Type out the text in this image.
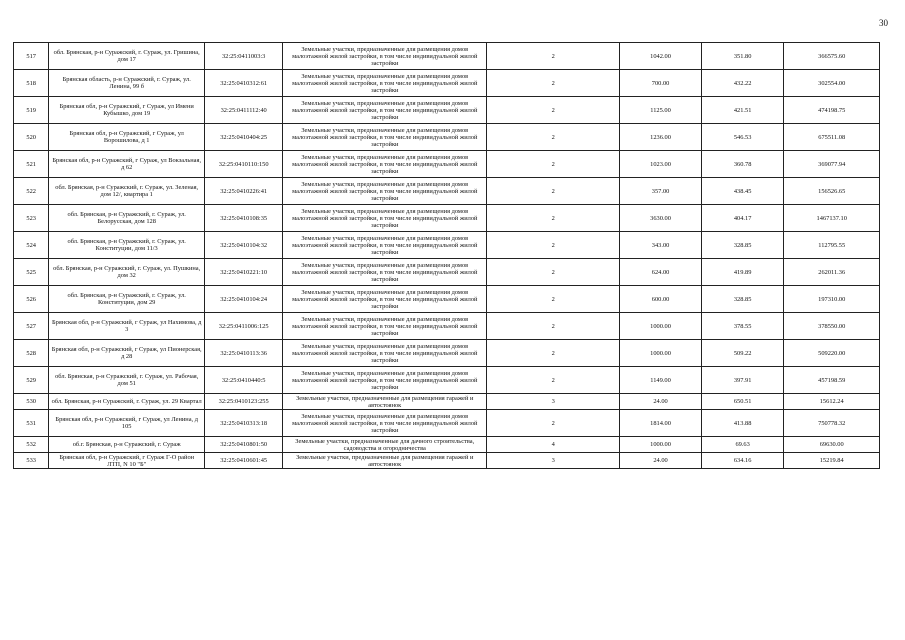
30
517	обл. Брянская, р-н Суражский, г. Сураж, ул. Гришина, дом 17	32:25:0411003:3	Земельные участки, предназначенные для размещения домов малоэтажной жилой застройки, в том числе индивидуальной жилой застройки	2	1042.00	351.80	366575.60
518	Брянская область, р-н Суражский, г. Сураж, ул. Ленина, 99 б	32:25:0410312:61	Земельные участки, предназначенные для размещения домов малоэтажной жилой застройки, в том числе индивидуальной жилой застройки	2	700.00	432.22	302554.00
519	Брянская обл, р-н Суражский, г Сураж, ул Имени Кубышко, дом 19	32:25:0411112:40	Земельные участки, предназначенные для размещения домов малоэтажной жилой застройки, в том числе индивидуальной жилой застройки	2	1125.00	421.51	474198.75
520	Брянская обл, р-н Суражский, г Сураж, ул Ворошилова, д 1	32:25:0410404:25	Земельные участки, предназначенные для размещения домов малоэтажной жилой застройки, в том числе индивидуальной жилой застройки	2	1236.00	546.53	675511.08
521	Брянская обл, р-н Суражский, г Сураж, ул Вокзальная, д 62	32:25:0410110:150	Земельные участки, предназначенные для размещения домов малоэтажной жилой застройки, в том числе индивидуальной жилой застройки	2	1023.00	360.78	369077.94
522	обл. Брянская, р-н Суражский, г. Сураж, ул. Зеленая, дом 12/, квартира 1	32:25:0410226:41	Земельные участки, предназначенные для размещения домов малоэтажной жилой застройки, в том числе индивидуальной жилой застройки	2	357.00	438.45	156526.65
523	обл. Брянская, р-н Суражский, г. Сураж, ул. Белорусская, дом 128	32:25:0410108:35	Земельные участки, предназначенные для размещения домов малоэтажной жилой застройки, в том числе индивидуальной жилой застройки	2	3630.00	404.17	1467137.10
524	обл. Брянская, р-н Суражский, г. Сураж, ул. Конституции, дом 11/3	32:25:0410104:32	Земельные участки, предназначенные для размещения домов малоэтажной жилой застройки, в том числе индивидуальной жилой застройки	2	343.00	328.85	112795.55
525	обл. Брянская, р-н Суражский, г. Сураж, ул. Пушкина, дом 32	32:25:0410221:10	Земельные участки, предназначенные для размещения домов малоэтажной жилой застройки, в том числе индивидуальной жилой застройки	2	624.00	419.89	262011.36
526	обл. Брянская, р-н Суражский, г. Сураж, ул. Конституции, дом 29	32:25:0410104:24	Земельные участки, предназначенные для размещения домов малоэтажной жилой застройки, в том числе индивидуальной жилой застройки	2	600.00	328.85	197310.00
527	Брянская обл, р-н Суражский, г Сураж, ул Нахимова, д 3	32:25:0411006:125	Земельные участки, предназначенные для размещения домов малоэтажной жилой застройки, в том числе индивидуальной жилой застройки	2	1000.00	378.55	378550.00
528	Брянская обл, р-н Суражский, г Сураж, ул Пионерская, д 28	32:25:0410113:36	Земельные участки, предназначенные для размещения домов малоэтажной жилой застройки, в том числе индивидуальной жилой застройки	2	1000.00	509.22	509220.00
529	обл. Брянская, р-н Суражский, г. Сураж, ул. Рабочая, дом 51	32:25:0410440:5	Земельные участки, предназначенные для размещения домов малоэтажной жилой застройки, в том числе индивидуальной жилой застройки	2	1149.00	397.91	457198.59
530	обл. Брянская, р-н Суражский, г. Сураж, ул. 29 Квартал	32:25:0410123:255	Земельные участки, предназначенные для размещения гаражей и автостоянок	3	24.00	650.51	15612.24
531	Брянская обл, р-н Суражский, г Сураж, ул Ленина, д 105	32:25:0410313:18	Земельные участки, предназначенные для размещения домов малоэтажной жилой застройки, в том числе индивидуальной жилой застройки	2	1814.00	413.88	750778.32
532	об.г. Брянская, р-н Суражский, г. Сураж	32:25:0410801:50	Земельные участки, предназначенные для дачного строительства, садоводства и огородничества	4	1000.00	69.63	69630.00
533	Брянская обл, р-н Суражский, г Сураж Г-О район ЛТП, N 10 "Б"	32:25:0410601:45	Земельные участки, предназначенные для размещения гаражей и автостоянок	3	24.00	634.16	15219.84
